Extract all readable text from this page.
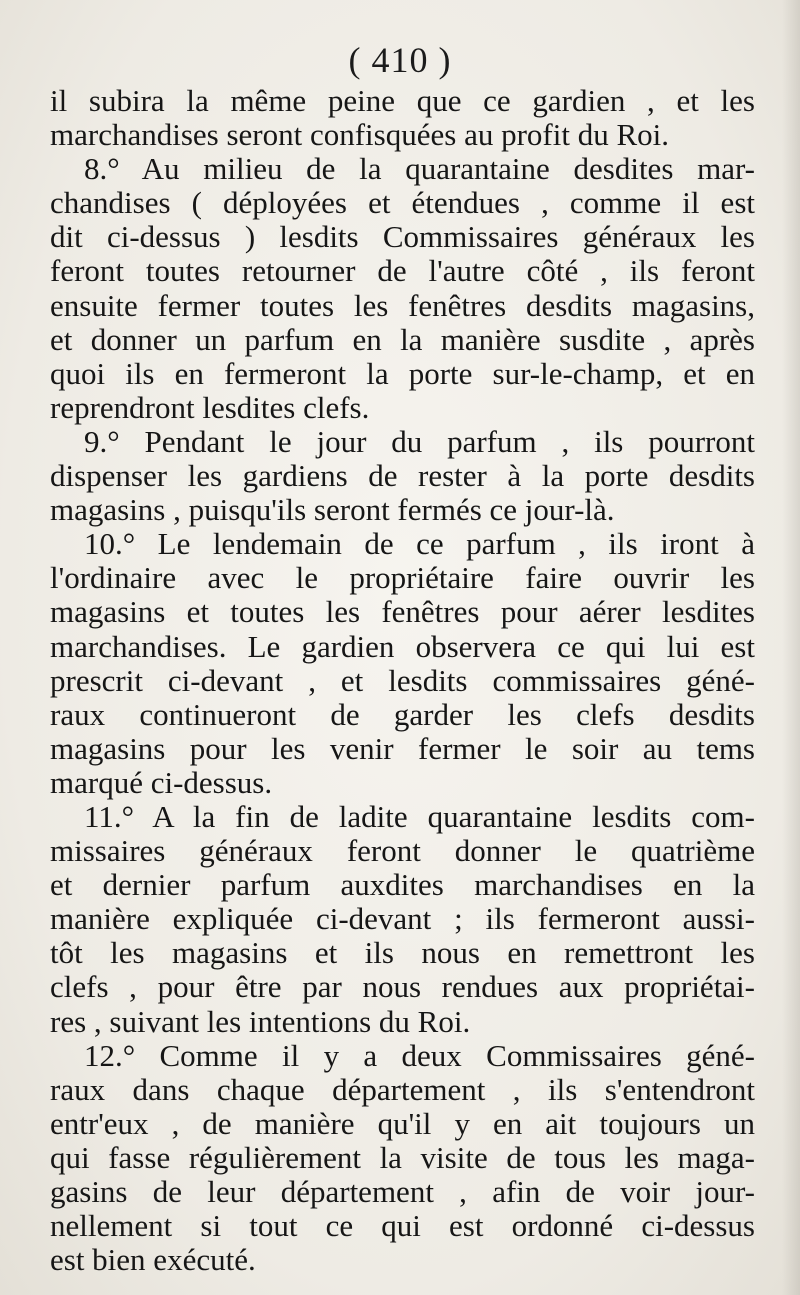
( 410 )
il subira la même peine que ce gardien , et les
marchandises seront confisquées au profit du Roi.
8.° Au milieu de la quarantaine desdites mar-
chandises ( déployées et étendues , comme il est
dit ci-dessus ) lesdits Commissaires généraux les
feront toutes retourner de l'autre côté , ils feront
ensuite fermer toutes les fenêtres desdits magasins,
et donner un parfum en la manière susdite , après
quoi ils en fermeront la porte sur-le-champ, et en
reprendront lesdites clefs.
9.° Pendant le jour du parfum , ils pourront
dispenser les gardiens de rester à la porte desdits
magasins , puisqu'ils seront fermés ce jour-là.
10.° Le lendemain de ce parfum , ils iront à
l'ordinaire avec le propriétaire faire ouvrir les
magasins et toutes les fenêtres pour aérer lesdites
marchandises. Le gardien observera ce qui lui est
prescrit ci-devant , et lesdits commissaires géné-
raux continueront de garder les clefs desdits
magasins pour les venir fermer le soir au tems
marqué ci-dessus.
11.° A la fin de ladite quarantaine lesdits com-
missaires généraux feront donner le quatrième
et dernier parfum auxdites marchandises en la
manière expliquée ci-devant ; ils fermeront aussi-
tôt les magasins et ils nous en remettront les
clefs , pour être par nous rendues aux propriétai-
res , suivant les intentions du Roi.
12.° Comme il y a deux Commissaires géné-
raux dans chaque département , ils s'entendront
entr'eux , de manière qu'il y en ait toujours un
qui fasse régulièrement la visite de tous les maga-
gasins de leur département , afin de voir jour-
nellement si tout ce qui est ordonné ci-dessus
est bien exécuté.
